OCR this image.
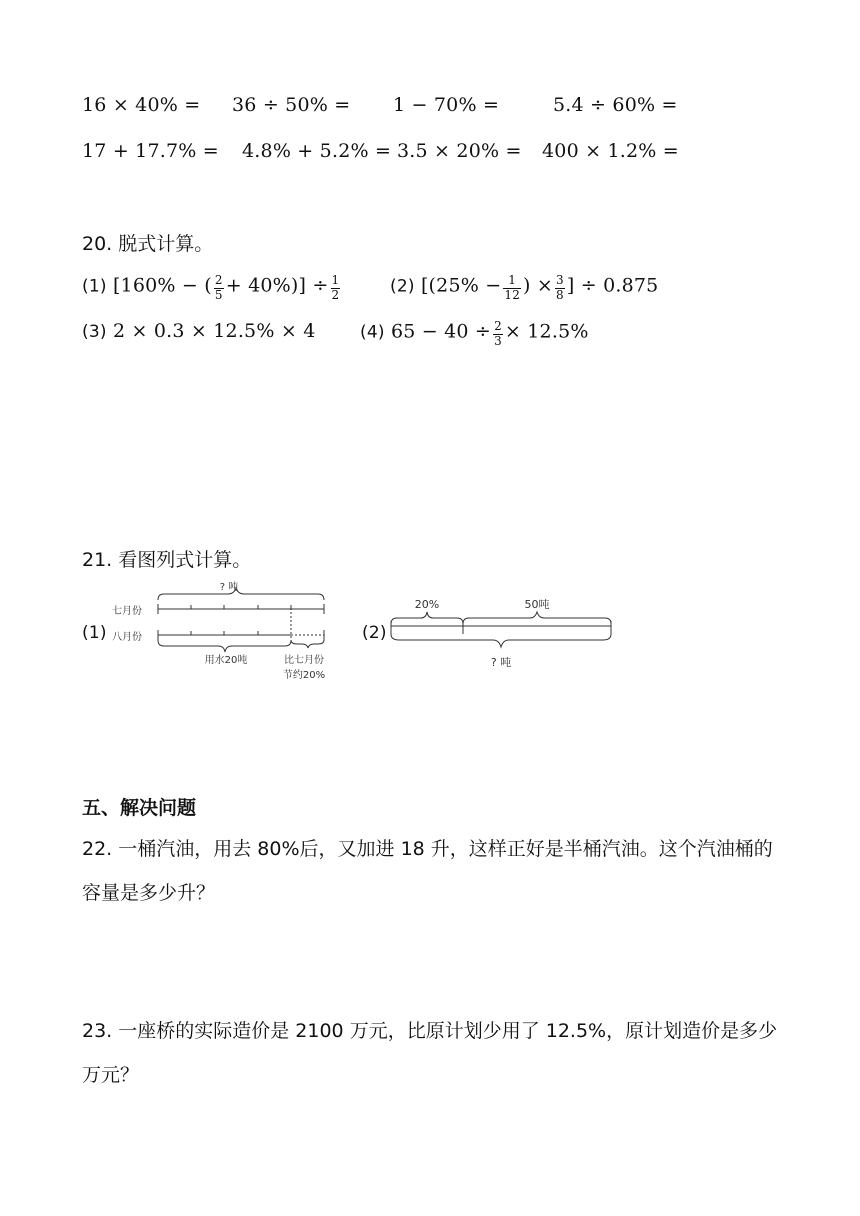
16 × 40% = 36 ÷ 50% = 1 − 70% =	5.4 ÷ 60% =
17 + 17.7% = 4.8% + 5.2% = 3.5 × 20% = 400 × 1.2% =
20. 脱式计算。
(1) [160% − ( $\frac{2}{5} + 40\%)] \div \frac{1}{2}$	(2) [($25\% - \frac{1}{12}$ ) × $\frac{3}{8}$ ] ÷ 0.875
(3) 2 × 0.3 × 12.5% × 4	(4) $65 - 40 \div \frac{2}{3} \times 12.5\%$
21. 看图列式计算。
(1)
? 吨
七月份
八月份
用水20吨	比七月份
节约20%
(2)
20%	50吨
? 吨
五、解决问题
22. 一桶汽油，用去 80%后，又加进 18 升，这样正好是半桶汽油。这个汽油桶的容量是多少升？
23. 一座桥的实际造价是 2100 万元，比原计划少用了 12.5%，原计划造价是多少万元？
